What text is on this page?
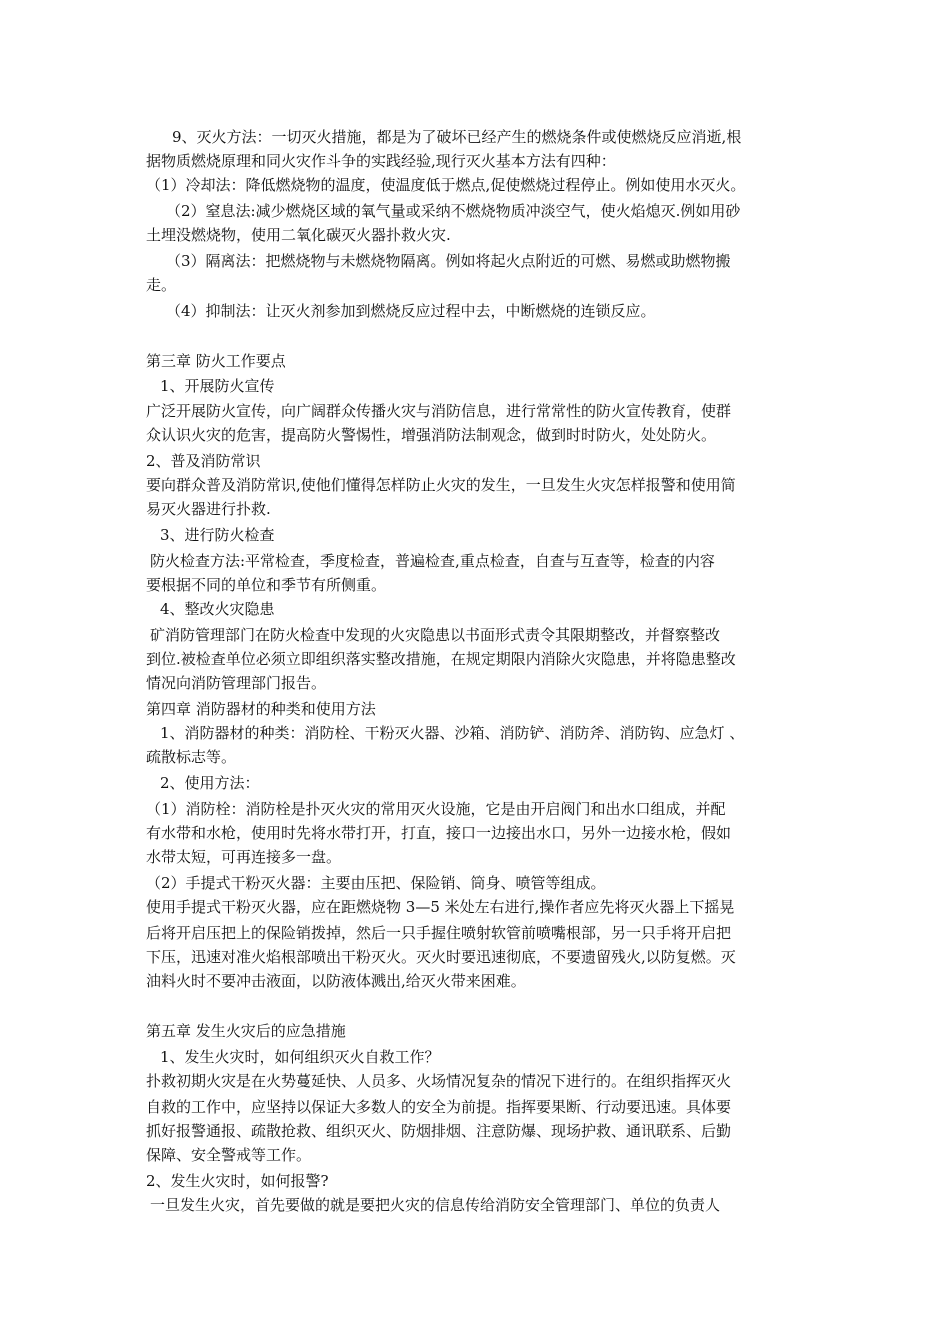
9、灭火方法：一切灭火措施，都是为了破坏已经产生的燃烧条件或使燃烧反应消逝,根
据物质燃烧原理和同火灾作斗争的实践经验,现行灭火基本方法有四种：
（1）冷却法：降低燃烧物的温度，使温度低于燃点,促使燃烧过程停止。例如使用水灭火。
（2）窒息法:减少燃烧区域的氧气量或采纳不燃烧物质冲淡空气，使火焰熄灭.例如用砂
土埋没燃烧物，使用二氧化碳灭火器扑救火灾.
（3）隔离法：把燃烧物与未燃烧物隔离。例如将起火点附近的可燃、易燃或助燃物搬
走。
（4）抑制法：让灭火剂参加到燃烧反应过程中去，中断燃烧的连锁反应。
第三章 防火工作要点
1、开展防火宣传
广泛开展防火宣传，向广阔群众传播火灾与消防信息，进行常常性的防火宣传教育，使群
众认识火灾的危害，提高防火警惕性，增强消防法制观念，做到时时防火，处处防火。
2、普及消防常识
要向群众普及消防常识,使他们懂得怎样防止火灾的发生，一旦发生火灾怎样报警和使用简
易灭火器进行扑救.
3、进行防火检查
防火检查方法:平常检查，季度检查，普遍检查,重点检查，自查与互查等，检查的内容
要根据不同的单位和季节有所侧重。
4、整改火灾隐患
矿消防管理部门在防火检查中发现的火灾隐患以书面形式责令其限期整改，并督察整改
到位.被检查单位必须立即组织落实整改措施，在规定期限内消除火灾隐患，并将隐患整改
情况向消防管理部门报告。
第四章 消防器材的种类和使用方法
1、消防器材的种类：消防栓、干粉灭火器、沙箱、消防铲、消防斧、消防钩、应急灯 、
疏散标志等。
2、使用方法：
（1）消防栓：消防栓是扑灭火灾的常用灭火设施，它是由开启阀门和出水口组成，并配
有水带和水枪，使用时先将水带打开，打直，接口一边接出水口，另外一边接水枪，假如
水带太短，可再连接多一盘。
（2）手提式干粉灭火器：主要由压把、保险销、筒身、喷管等组成。
使用手提式干粉灭火器，应在距燃烧物 3—5 米处左右进行,操作者应先将灭火器上下摇晃
后将开启压把上的保险销拨掉，然后一只手握住喷射软管前喷嘴根部，另一只手将开启把
下压，迅速对准火焰根部喷出干粉灭火。灭火时要迅速彻底，不要遗留残火,以防复燃。灭
油料火时不要冲击液面，以防液体溅出,给灭火带来困难。
第五章 发生火灾后的应急措施
1、发生火灾时，如何组织灭火自救工作？
扑救初期火灾是在火势蔓延快、人员多、火场情况复杂的情况下进行的。在组织指挥灭火
自救的工作中，应坚持以保证大多数人的安全为前提。指挥要果断、行动要迅速。具体要
抓好报警通报、疏散抢救、组织灭火、防烟排烟、注意防爆、现场护救、通讯联系、后勤
保障、安全警戒等工作。
2、发生火灾时，如何报警?
一旦发生火灾，首先要做的就是要把火灾的信息传给消防安全管理部门、单位的负责人
